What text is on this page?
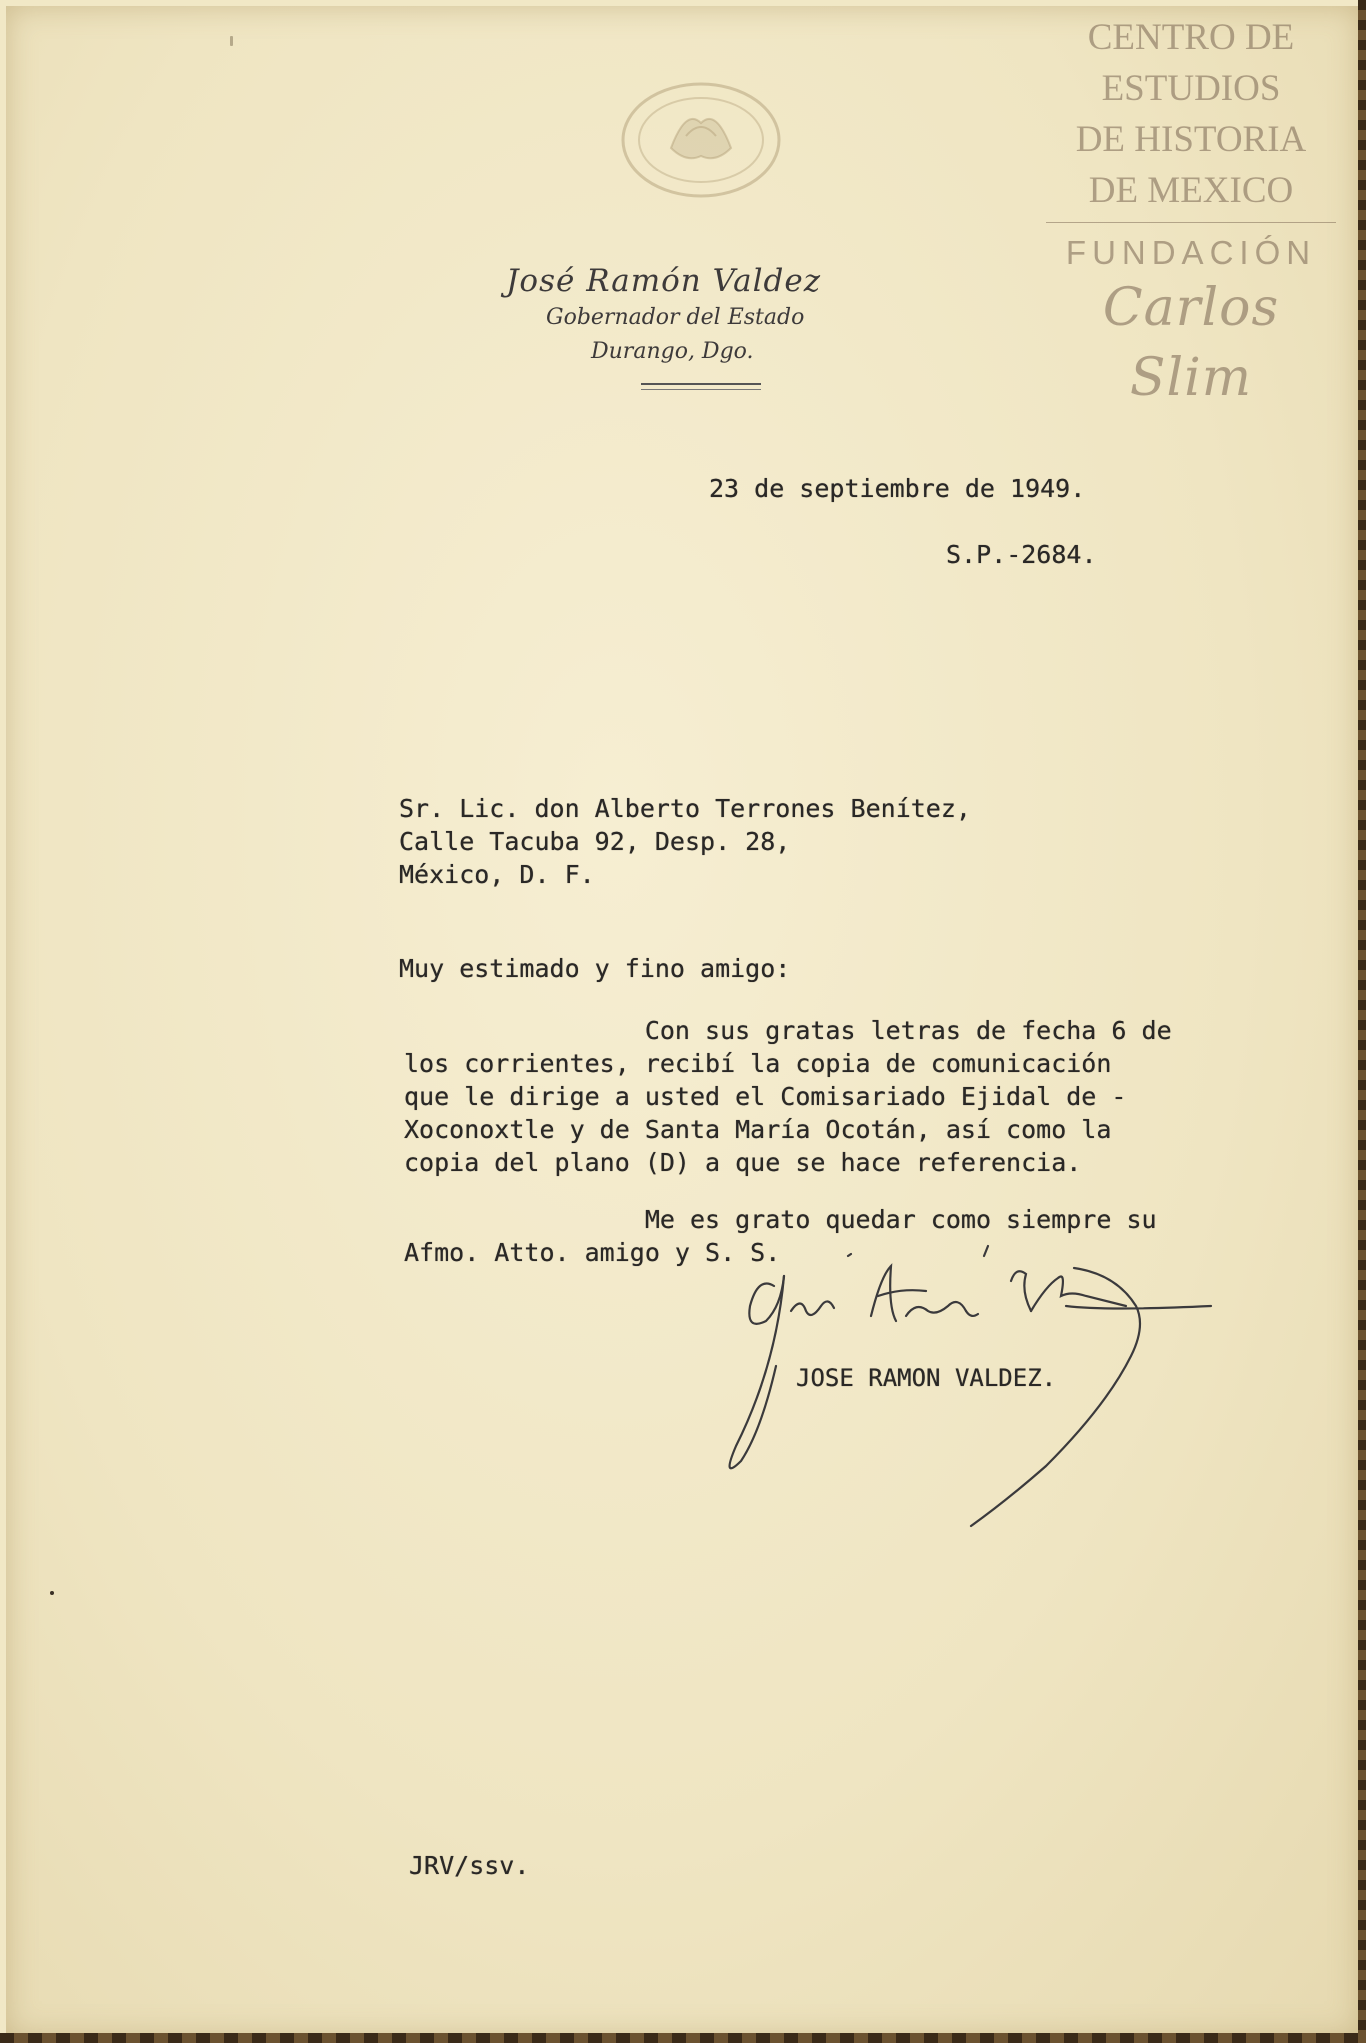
CENTRO DE
ESTUDIOS
DE HISTORIA
DE MEXICO
FUNDACIÓN
Carlos Slim
José Ramón Valdez
Gobernador del Estado
Durango, Dgo.
23 de septiembre de 1949.
S.P.-2684.
Sr. Lic. don Alberto Terrones Benítez,
Calle Tacuba 92, Desp. 28,
México, D. F.
Muy estimado y fino amigo:
Con sus gratas letras de fecha 6 de
los corrientes, recibí la copia de comunicación
que le dirige a usted el Comisariado Ejidal de -
Xoconoxtle y de Santa María Ocotán, así como la
copia del plano (D) a que se hace referencia.
Me es grato quedar como siempre su
Afmo. Atto. amigo y S. S.
JOSE RAMON VALDEZ.
JRV/ssv.
